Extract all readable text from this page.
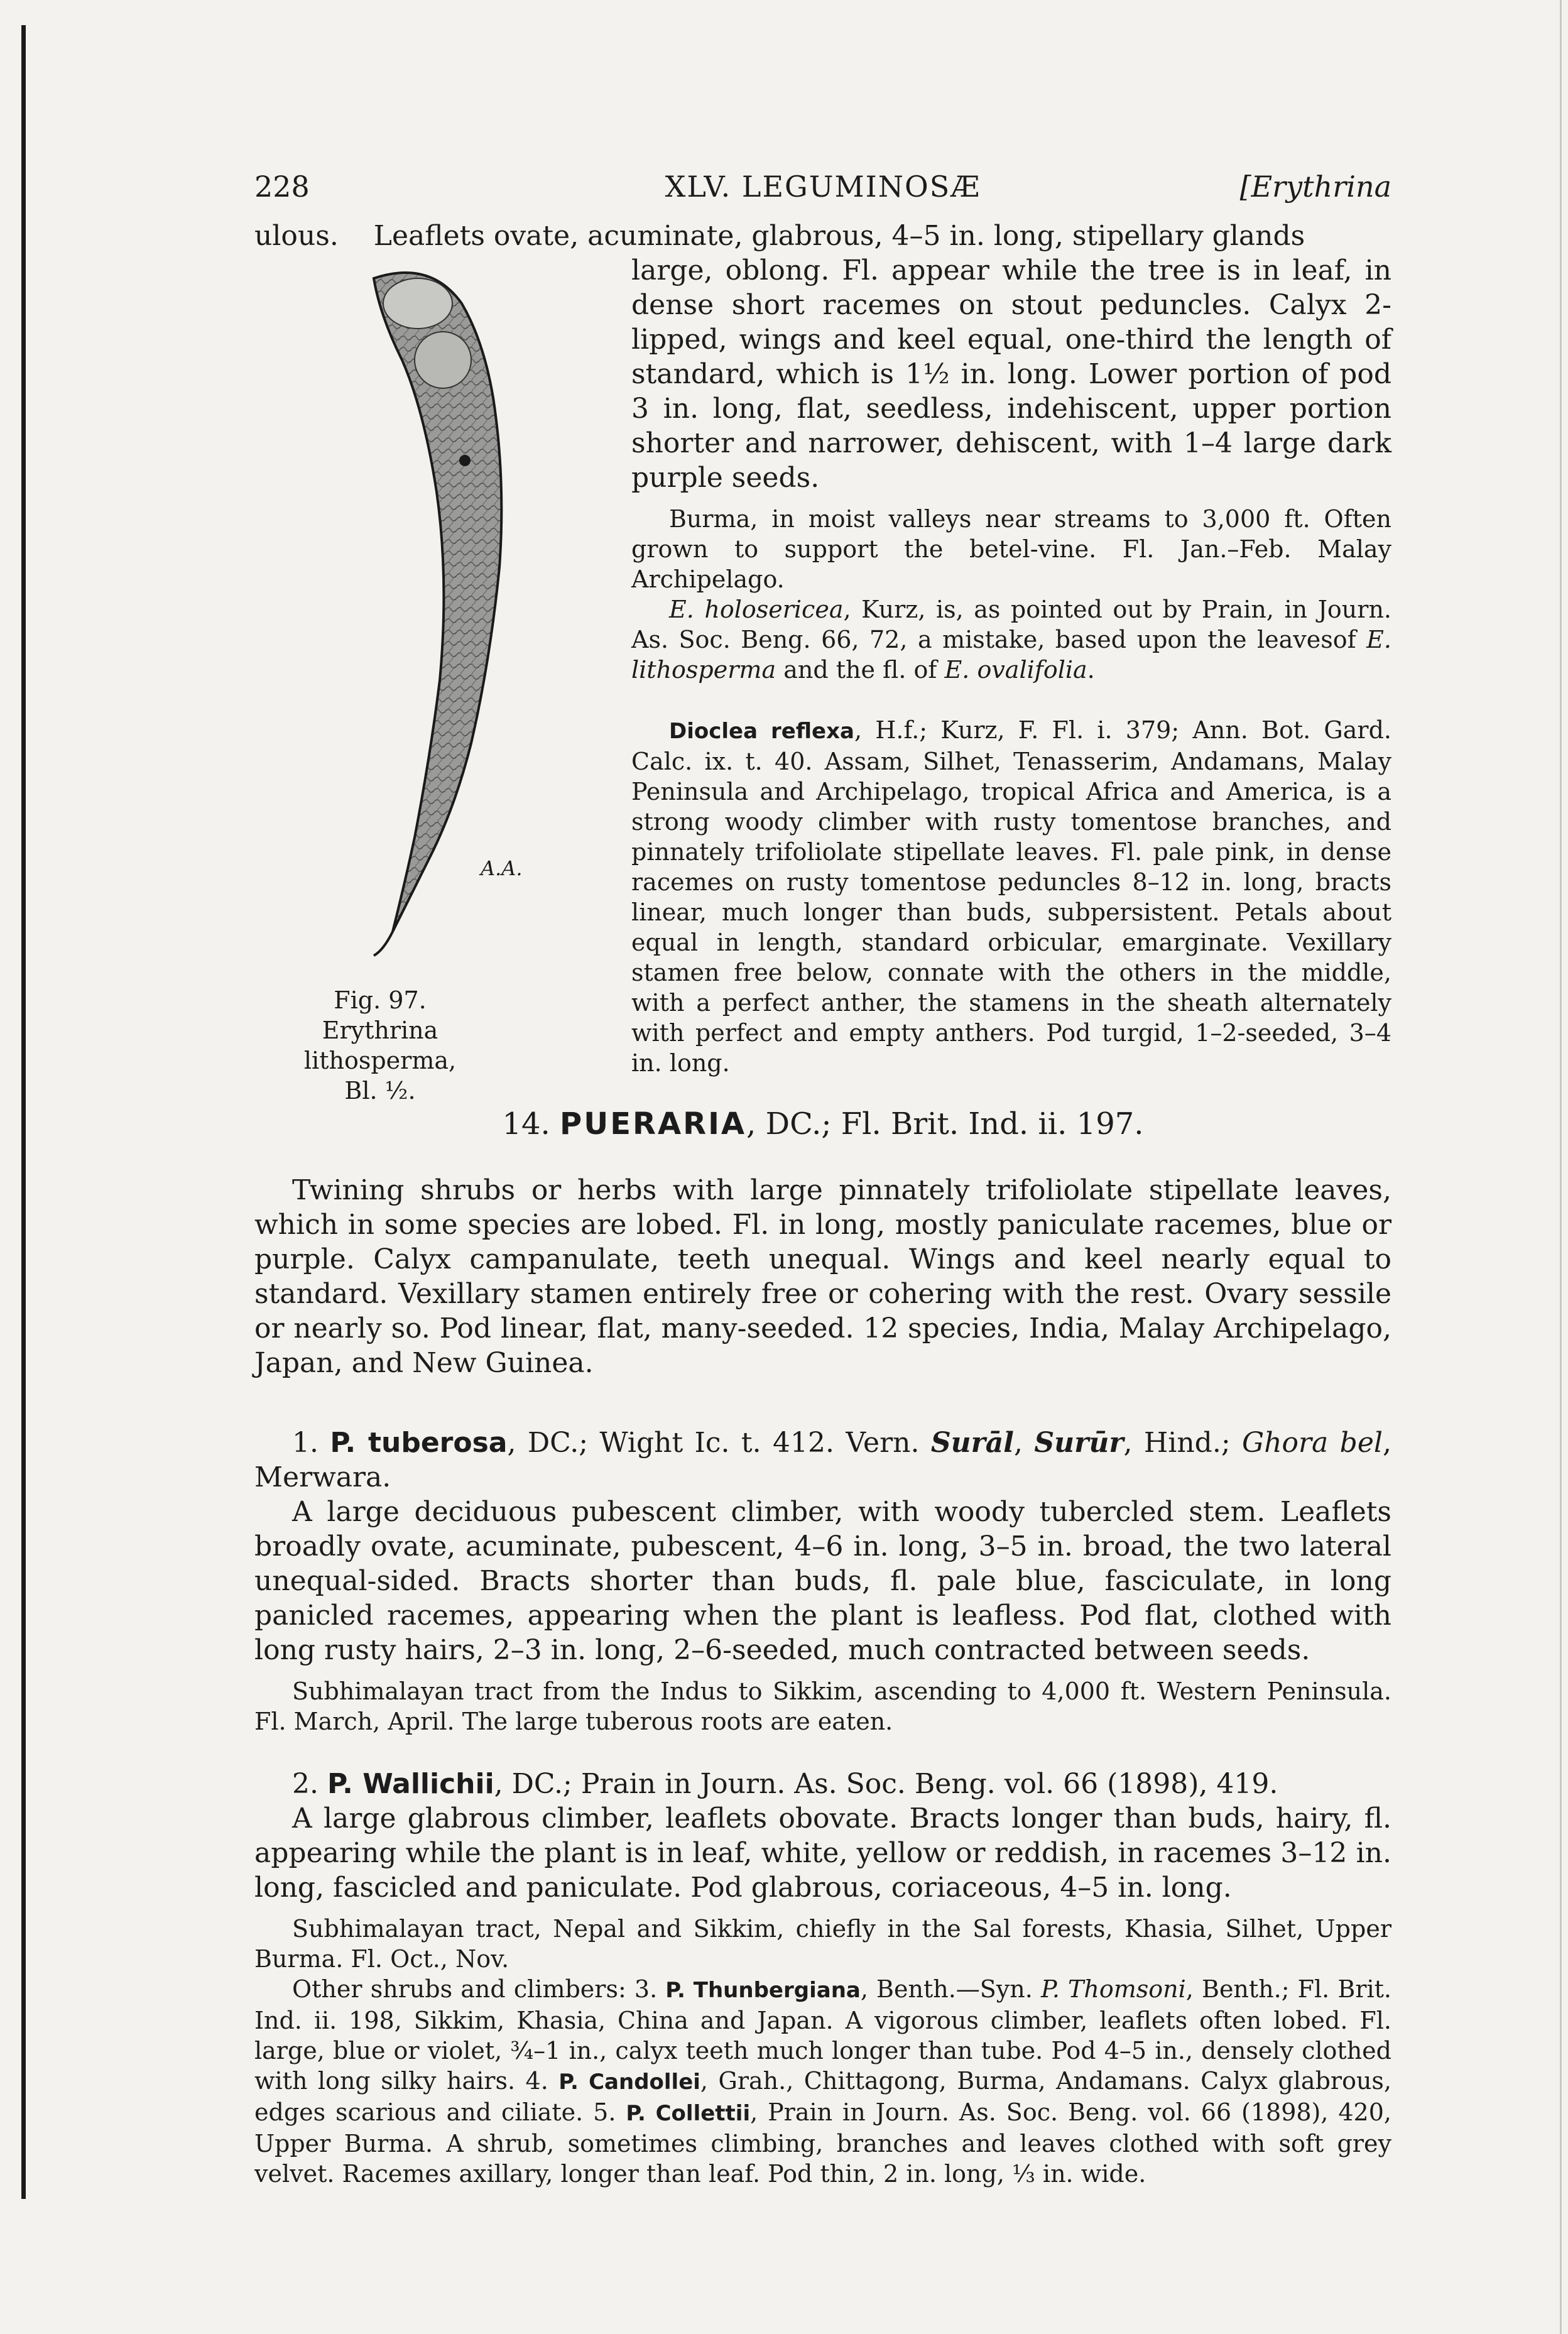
228	XLV. LEGUMINOSÆ	[Erythrina

ulous. Leaflets ovate, acuminate, glabrous, 4–5 in. long, stipellary glands

A.A.
Fig. 97.
Erythrina lithosperma,
Bl. ½.

large, oblong. Fl. appear while the tree is in leaf, in dense short racemes on stout peduncles. Calyx 2-lipped, wings and keel equal, one-third the length of standard, which is 1½ in. long. Lower portion of pod 3 in. long, flat, seedless, indehiscent, upper portion shorter and narrower, dehiscent, with 1–4 large dark purple seeds.

Burma, in moist valleys near streams to 3,000 ft. Often grown to support the betel-vine. Fl. Jan.–Feb. Malay Archipelago.

E. holosericea, Kurz, is, as pointed out by Prain, in Journ. As. Soc. Beng. 66, 72, a mistake, based upon the leavesof E. lithosperma and the fl. of E. ovalifolia.

Dioclea reflexa, H.f.; Kurz, F. Fl. i. 379; Ann. Bot. Gard. Calc. ix. t. 40. Assam, Silhet, Tenasserim, Andamans, Malay Peninsula and Archipelago, tropical Africa and America, is a strong woody climber with rusty tomentose branches, and pinnately trifoliolate stipellate leaves. Fl. pale pink, in dense racemes on rusty tomentose peduncles 8–12 in. long, bracts linear, much longer than buds, subpersistent. Petals about equal in length, standard orbicular, emarginate. Vexillary stamen free below, connate with the others in the middle, with a perfect anther, the stamens in the sheath alternately with perfect and empty anthers. Pod turgid, 1–2-seeded, 3–4 in. long.

14. PUERARIA, DC.; Fl. Brit. Ind. ii. 197.

Twining shrubs or herbs with large pinnately trifoliolate stipellate leaves, which in some species are lobed. Fl. in long, mostly paniculate racemes, blue or purple. Calyx campanulate, teeth unequal. Wings and keel nearly equal to standard. Vexillary stamen entirely free or cohering with the rest. Ovary sessile or nearly so. Pod linear, flat, many-seeded. 12 species, India, Malay Archipelago, Japan, and New Guinea.

1. P. tuberosa, DC.; Wight Ic. t. 412. Vern. Surāl, Surūr, Hind.; Ghora bel, Merwara.

A large deciduous pubescent climber, with woody tubercled stem. Leaflets broadly ovate, acuminate, pubescent, 4–6 in. long, 3–5 in. broad, the two lateral unequal-sided. Bracts shorter than buds, fl. pale blue, fasciculate, in long panicled racemes, appearing when the plant is leafless. Pod flat, clothed with long rusty hairs, 2–3 in. long, 2–6-seeded, much contracted between seeds.

Subhimalayan tract from the Indus to Sikkim, ascending to 4,000 ft. Western Peninsula. Fl. March, April. The large tuberous roots are eaten.

2. P. Wallichii, DC.; Prain in Journ. As. Soc. Beng. vol. 66 (1898), 419.

A large glabrous climber, leaflets obovate. Bracts longer than buds, hairy, fl. appearing while the plant is in leaf, white, yellow or reddish, in racemes 3–12 in. long, fascicled and paniculate. Pod glabrous, coriaceous, 4–5 in. long.

Subhimalayan tract, Nepal and Sikkim, chiefly in the Sal forests, Khasia, Silhet, Upper Burma. Fl. Oct., Nov.

Other shrubs and climbers: 3. P. Thunbergiana, Benth.—Syn. P. Thomsoni, Benth.; Fl. Brit. Ind. ii. 198, Sikkim, Khasia, China and Japan. A vigorous climber, leaflets often lobed. Fl. large, blue or violet, ¾–1 in., calyx teeth much longer than tube. Pod 4–5 in., densely clothed with long silky hairs. 4. P. Candollei, Grah., Chittagong, Burma, Andamans. Calyx glabrous, edges scarious and ciliate. 5. P. Collettii, Prain in Journ. As. Soc. Beng. vol. 66 (1898), 420, Upper Burma. A shrub, sometimes climbing, branches and leaves clothed with soft grey velvet. Racemes axillary, longer than leaf. Pod thin, 2 in. long, ⅓ in. wide.
